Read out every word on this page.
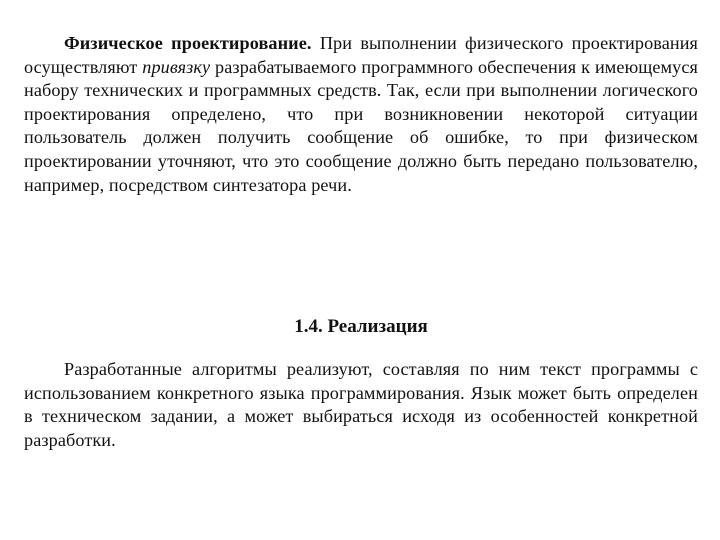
Физическое проектирование. При выполнении физического проектирования осуществляют привязку разрабатываемого программного обеспечения к имеющемуся набору технических и программных средств. Так, если при выполнении логического проектирования определено, что при возникновении некоторой ситуации пользователь должен получить сообщение об ошибке, то при физическом проектировании уточняют, что это сообщение должно быть передано пользователю, например, посредством синтезатора речи.

1.4. Реализация

Разработанные алгоритмы реализуют, составляя по ним текст программы с использованием конкретного языка программирования. Язык может быть определен в техническом задании, а может выбираться исходя из особенностей конкретной разработки.
